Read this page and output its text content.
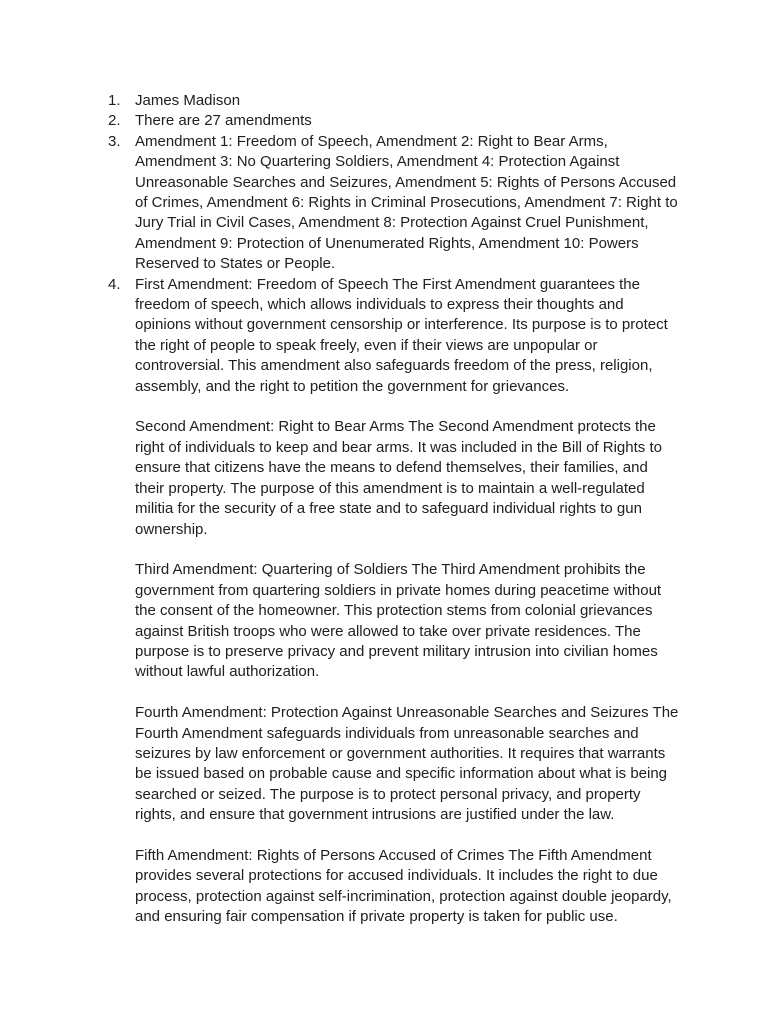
1. James Madison

2. There are 27 amendments

3. Amendment 1: Freedom of Speech, Amendment 2: Right to Bear Arms, Amendment 3: No Quartering Soldiers, Amendment 4: Protection Against Unreasonable Searches and Seizures, Amendment 5: Rights of Persons Accused of Crimes, Amendment 6: Rights in Criminal Prosecutions, Amendment 7: Right to Jury Trial in Civil Cases, Amendment 8: Protection Against Cruel Punishment, Amendment 9: Protection of Unenumerated Rights, Amendment 10: Powers Reserved to States or People.

4. First Amendment: Freedom of Speech The First Amendment guarantees the freedom of speech, which allows individuals to express their thoughts and opinions without government censorship or interference. Its purpose is to protect the right of people to speak freely, even if their views are unpopular or controversial. This amendment also safeguards freedom of the press, religion, assembly, and the right to petition the government for grievances.

Second Amendment: Right to Bear Arms The Second Amendment protects the right of individuals to keep and bear arms. It was included in the Bill of Rights to ensure that citizens have the means to defend themselves, their families, and their property. The purpose of this amendment is to maintain a well-regulated militia for the security of a free state and to safeguard individual rights to gun ownership.

Third Amendment: Quartering of Soldiers The Third Amendment prohibits the government from quartering soldiers in private homes during peacetime without the consent of the homeowner. This protection stems from colonial grievances against British troops who were allowed to take over private residences. The purpose is to preserve privacy and prevent military intrusion into civilian homes without lawful authorization.

Fourth Amendment: Protection Against Unreasonable Searches and Seizures The Fourth Amendment safeguards individuals from unreasonable searches and seizures by law enforcement or government authorities. It requires that warrants be issued based on probable cause and specific information about what is being searched or seized. The purpose is to protect personal privacy, and property rights, and ensure that government intrusions are justified under the law.

Fifth Amendment: Rights of Persons Accused of Crimes The Fifth Amendment provides several protections for accused individuals. It includes the right to due process, protection against self-incrimination, protection against double jeopardy, and ensuring fair compensation if private property is taken for public use.
